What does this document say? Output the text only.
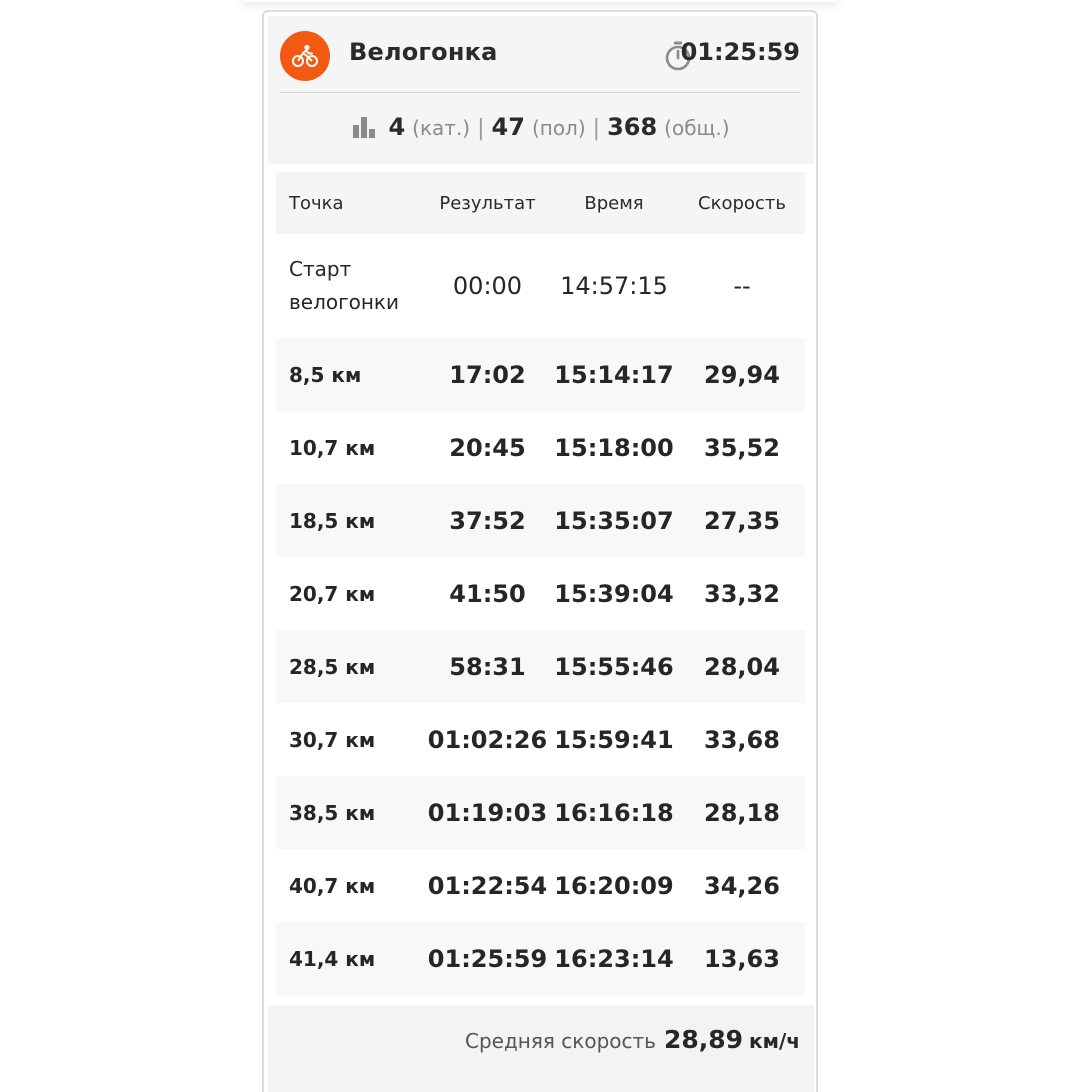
Велогонка	01:25:59
4 (кат.) | 47 (пол) | 368 (общ.)
Точка	Результат	Время	Скорость
Старт велогонки	00:00	14:57:15	--
8,5 км	17:02	15:14:17	29,94
10,7 км	20:45	15:18:00	35,52
18,5 км	37:52	15:35:07	27,35
20,7 км	41:50	15:39:04	33,32
28,5 км	58:31	15:55:46	28,04
30,7 км	01:02:26	15:59:41	33,68
38,5 км	01:19:03	16:16:18	28,18
40,7 км	01:22:54	16:20:09	34,26
41,4 км	01:25:59	16:23:14	13,63
Средняя скорость 28,89 км/ч
